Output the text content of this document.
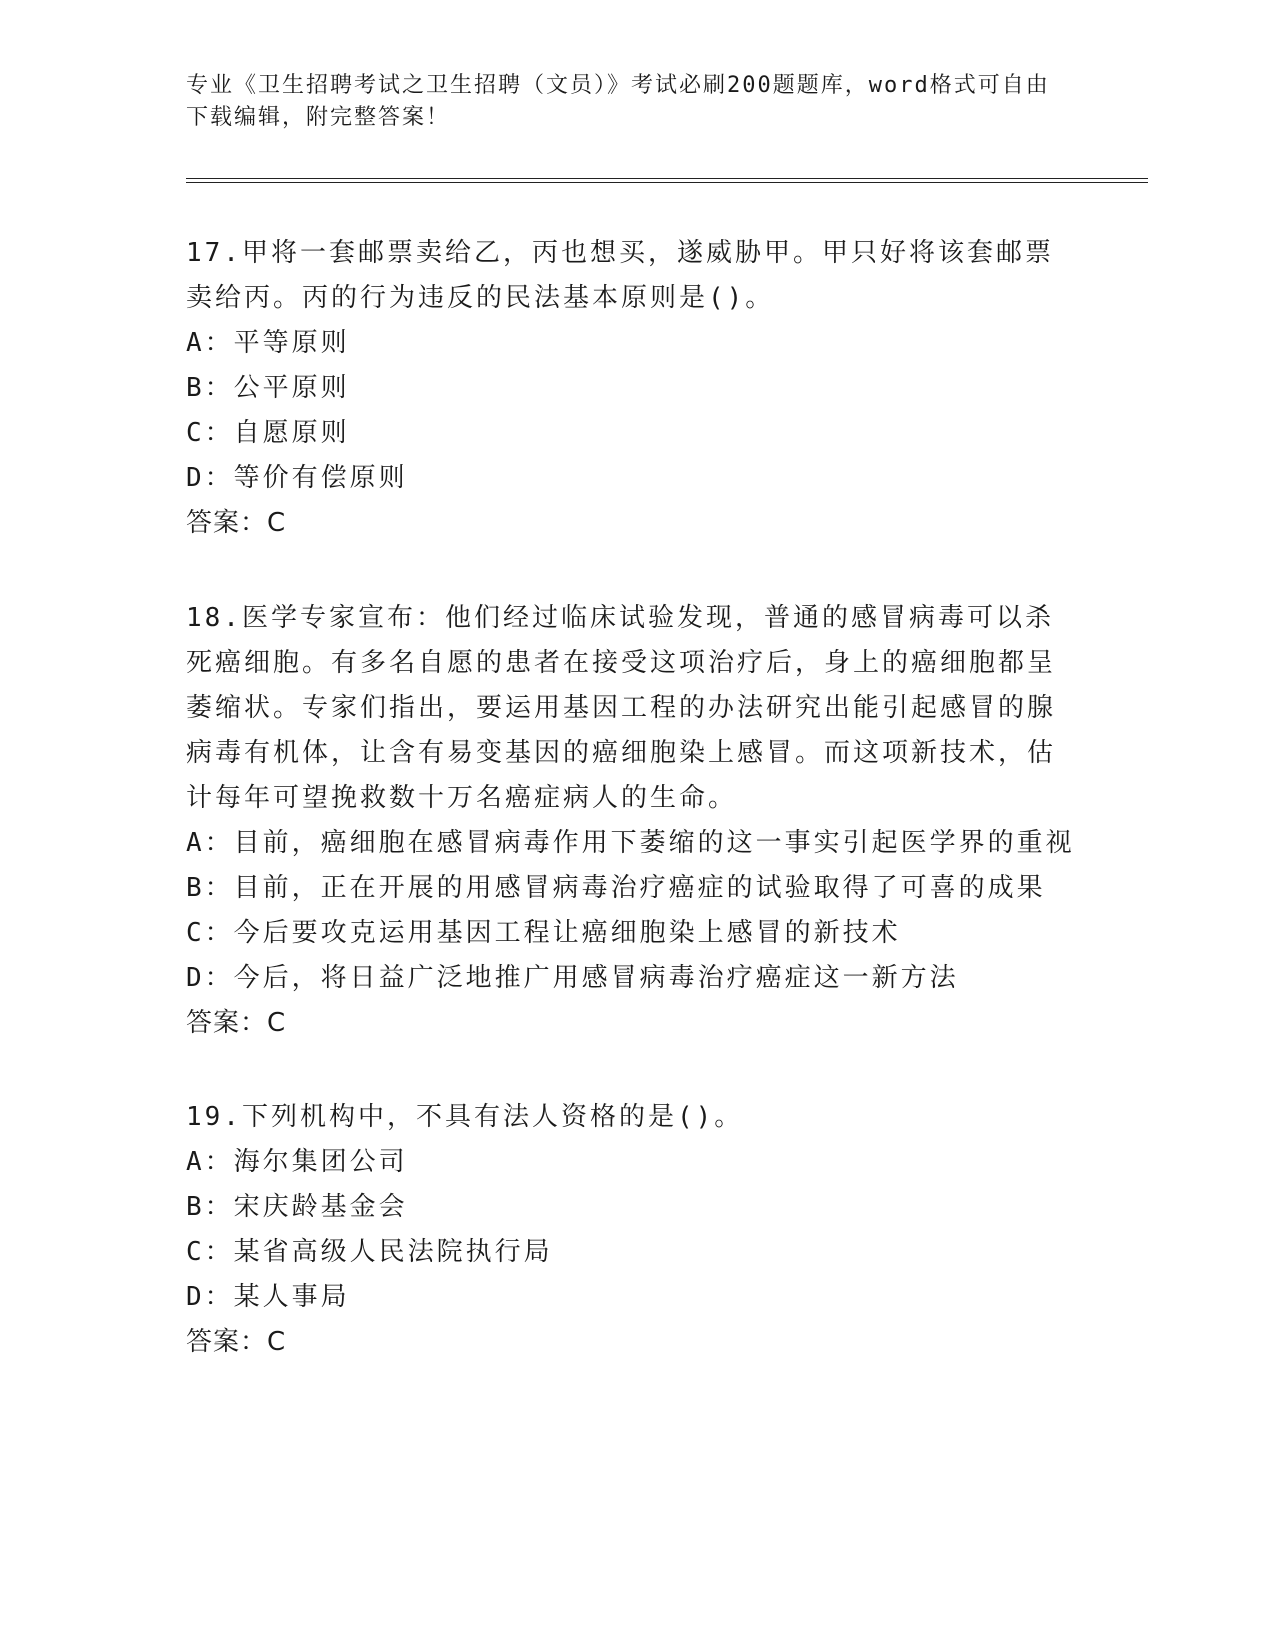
专业《卫生招聘考试之卫生招聘（文员）》考试必刷200题题库，word格式可自由下载编辑，附完整答案！

17.甲将一套邮票卖给乙，丙也想买，遂威胁甲。甲只好将该套邮票卖给丙。丙的行为违反的民法基本原则是()。

A：平等原则

B：公平原则

C：自愿原则

D：等价有偿原则

答案：C

18.医学专家宣布：他们经过临床试验发现，普通的感冒病毒可以杀死癌细胞。有多名自愿的患者在接受这项治疗后，身上的癌细胞都呈萎缩状。专家们指出，要运用基因工程的办法研究出能引起感冒的腺病毒有机体，让含有易变基因的癌细胞染上感冒。而这项新技术，估计每年可望挽救数十万名癌症病人的生命。

A：目前，癌细胞在感冒病毒作用下萎缩的这一事实引起医学界的重视

B：目前，正在开展的用感冒病毒治疗癌症的试验取得了可喜的成果

C：今后要攻克运用基因工程让癌细胞染上感冒的新技术

D：今后，将日益广泛地推广用感冒病毒治疗癌症这一新方法

答案：C

19.下列机构中，不具有法人资格的是()。

A：海尔集团公司

B：宋庆龄基金会

C：某省高级人民法院执行局

D：某人事局

答案：C
